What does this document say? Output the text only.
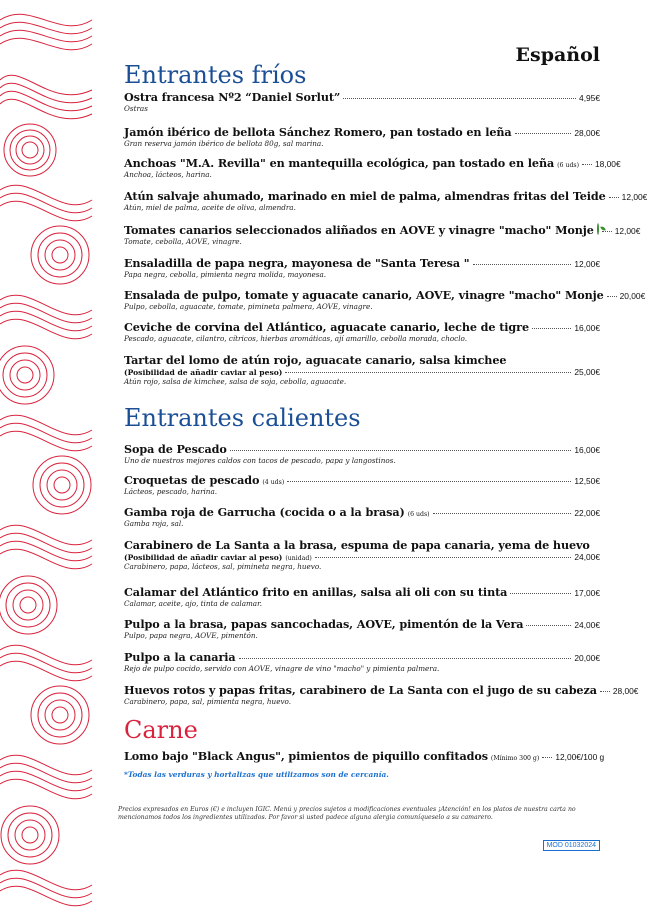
Español
Entrantes fríos
Ostra francesa Nº2 “Daniel Sorlut”	4,95€
Ostras
Jamón ibérico de bellota Sánchez Romero, pan tostado en leña	28,00€
Gran reserva jamón ibérico de bellota 80g, sal marina.
Anchoas "M.A. Revilla" en mantequilla ecológica, pan tostado en leña (6 uds) 18,00€
Anchoa, lácteos, harina.
Atún salvaje ahumado, marinado en miel de palma, almendras fritas del Teide 12,00€
Atún, miel de palma, aceite de oliva, almendra.
Tomates canarios seleccionados aliñados en AOVE y vinagre "macho" Monje	12,00€
Tomate, cebolla, AOVE, vinagre.
Ensaladilla de papa negra, mayonesa de "Santa Teresa "	12,00€
Papa negra, cebolla, pimienta negra molida, mayonesa.
Ensalada de pulpo, tomate y aguacate canario, AOVE, vinagre "macho" Monje 20,00€
Pulpo, cebolla, aguacate, tomate, pimineta palmera, AOVE, vinagre.
Ceviche de corvina del Atlántico, aguacate canario, leche de tigre	16,00€
Pescado, aguacate, cilantro, cítricos, hierbas aromáticas, ají amarillo, cebolla morada, choclo.
Tartar del lomo de atún rojo, aguacate canario, salsa kimchee
(Posibilidad de añadir caviar al peso)	25,00€
Atún rojo, salsa de kimchee, salsa de soja, cebolla, aguacate.
Entrantes calientes
Sopa de Pescado	16,00€
Uno de nuestros mejores caldos con tacos de pescado, papa y langostinos.
Croquetas de pescado (4 uds)	12,50€
Lácteos, pescado, harina.
Gamba roja de Garrucha (cocida o a la brasa) (6 uds)	22,00€
Gamba roja, sal.
Carabinero de La Santa a la brasa, espuma de papa canaria, yema de huevo
(Posibilidad de añadir caviar al peso) (unidad)	24,00€
Carabinero, papa, lácteos, sal, pimineta negra, huevo.
Calamar del Atlántico frito en anillas, salsa ali oli con su tinta	17,00€
Calamar, aceite, ajo, tinta de calamar.
Pulpo a la brasa, papas sancochadas, AOVE, pimentón de la Vera	24,00€
Pulpo, papa negra, AOVE, pimentón.
Pulpo a la canaria	20,00€
Rejo de pulpo cocido, servido con AOVE, vinagre de vino "macho" y pimienta palmera.
Huevos rotos y papas fritas, carabinero de La Santa con el jugo de su cabeza 28,00€
Carabinero, papa, sal, pimienta negra, huevo.
Carne
Lomo bajo "Black Angus", pimientos de piquillo confitados (Mínimo 300 g) 12,00€/100 g
*Todas las verduras y hortalizas que utilizamos son de cercanía.
Precios expresados en Euros (€) e incluyen IGIC. Menú y precios sujetos a modificaciones eventuales ¡Atención! en los platos de nuestra carta no mencionamos todos los ingredientes utilizados. Por favor si usted padece alguna alergia comuníqueselo a su camarero.
MOD 01032024
